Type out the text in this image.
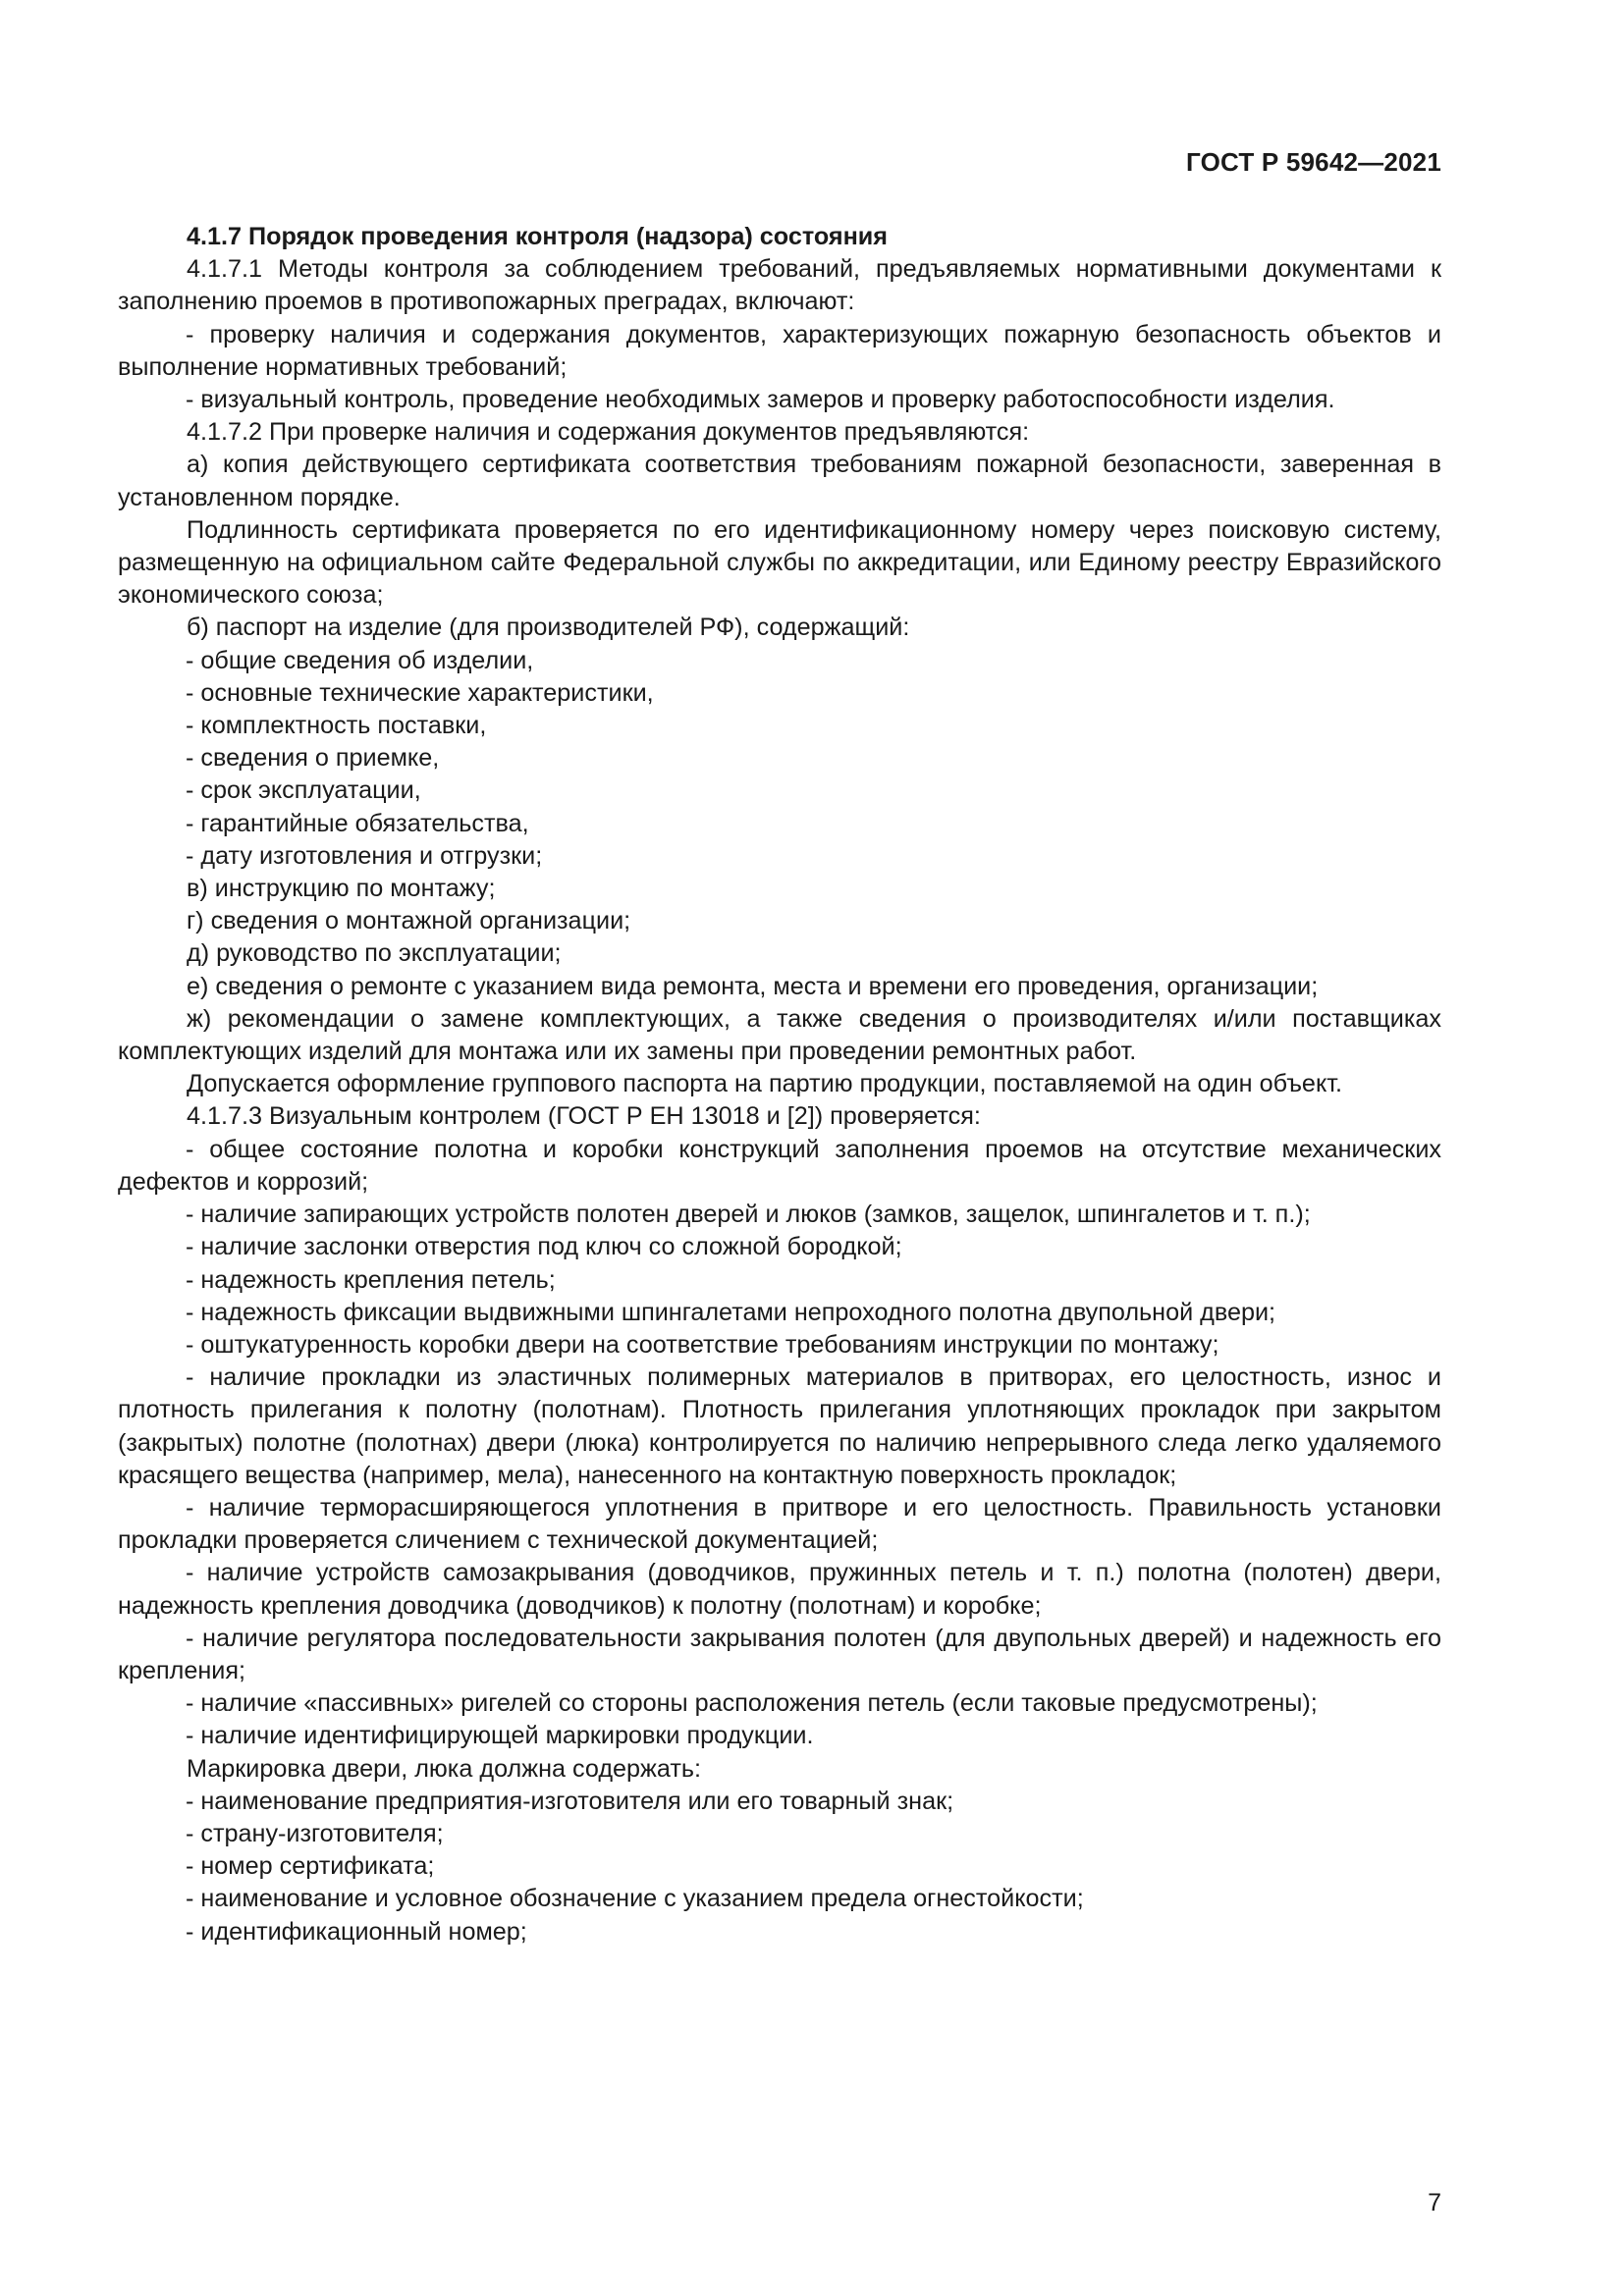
ГОСТ Р 59642—2021

4.1.7 Порядок проведения контроля (надзора) состояния

4.1.7.1 Методы контроля за соблюдением требований, предъявляемых нормативными документами к заполнению проемов в противопожарных преградах, включают:

- проверку наличия и содержания документов, характеризующих пожарную безопасность объектов и выполнение нормативных требований;

- визуальный контроль, проведение необходимых замеров и проверку работоспособности изделия.

4.1.7.2 При проверке наличия и содержания документов предъявляются:

а) копия действующего сертификата соответствия требованиям пожарной безопасности, заверенная в установленном порядке.

Подлинность сертификата проверяется по его идентификационному номеру через поисковую систему, размещенную на официальном сайте Федеральной службы по аккредитации, или Единому реестру Евразийского экономического союза;

б) паспорт на изделие (для производителей РФ), содержащий:

- общие сведения об изделии,

- основные технические характеристики,

- комплектность поставки,

- сведения о приемке,

- срок эксплуатации,

- гарантийные обязательства,

- дату изготовления и отгрузки;

в) инструкцию по монтажу;

г) сведения о монтажной организации;

д) руководство по эксплуатации;

е) сведения о ремонте с указанием вида ремонта, места и времени его проведения, организации;

ж) рекомендации о замене комплектующих, а также сведения о производителях и/или поставщиках комплектующих изделий для монтажа или их замены при проведении ремонтных работ.

Допускается оформление группового паспорта на партию продукции, поставляемой на один объект.

4.1.7.3 Визуальным контролем (ГОСТ Р ЕН 13018 и [2]) проверяется:

- общее состояние полотна и коробки конструкций заполнения проемов на отсутствие механических дефектов и коррозий;

- наличие запирающих устройств полотен дверей и люков (замков, защелок, шпингалетов и т. п.);

- наличие заслонки отверстия под ключ со сложной бородкой;

- надежность крепления петель;

- надежность фиксации выдвижными шпингалетами непроходного полотна двупольной двери;

- оштукатуренность коробки двери на соответствие требованиям инструкции по монтажу;

- наличие прокладки из эластичных полимерных материалов в притворах, его целостность, износ и плотность прилегания к полотну (полотнам). Плотность прилегания уплотняющих прокладок при закрытом (закрытых) полотне (полотнах) двери (люка) контролируется по наличию непрерывного следа легко удаляемого красящего вещества (например, мела), нанесенного на контактную поверхность прокладок;

- наличие терморасширяющегося уплотнения в притворе и его целостность. Правильность установки прокладки проверяется сличением с технической документацией;

- наличие устройств самозакрывания (доводчиков, пружинных петель и т. п.) полотна (полотен) двери, надежность крепления доводчика (доводчиков) к полотну (полотнам) и коробке;

- наличие регулятора последовательности закрывания полотен (для двупольных дверей) и надежность его крепления;

- наличие «пассивных» ригелей со стороны расположения петель (если таковые предусмотрены);

- наличие идентифицирующей маркировки продукции.

Маркировка двери, люка должна содержать:

- наименование предприятия-изготовителя или его товарный знак;

- страну-изготовителя;

- номер сертификата;

- наименование и условное обозначение с указанием предела огнестойкости;

- идентификационный номер;

7
